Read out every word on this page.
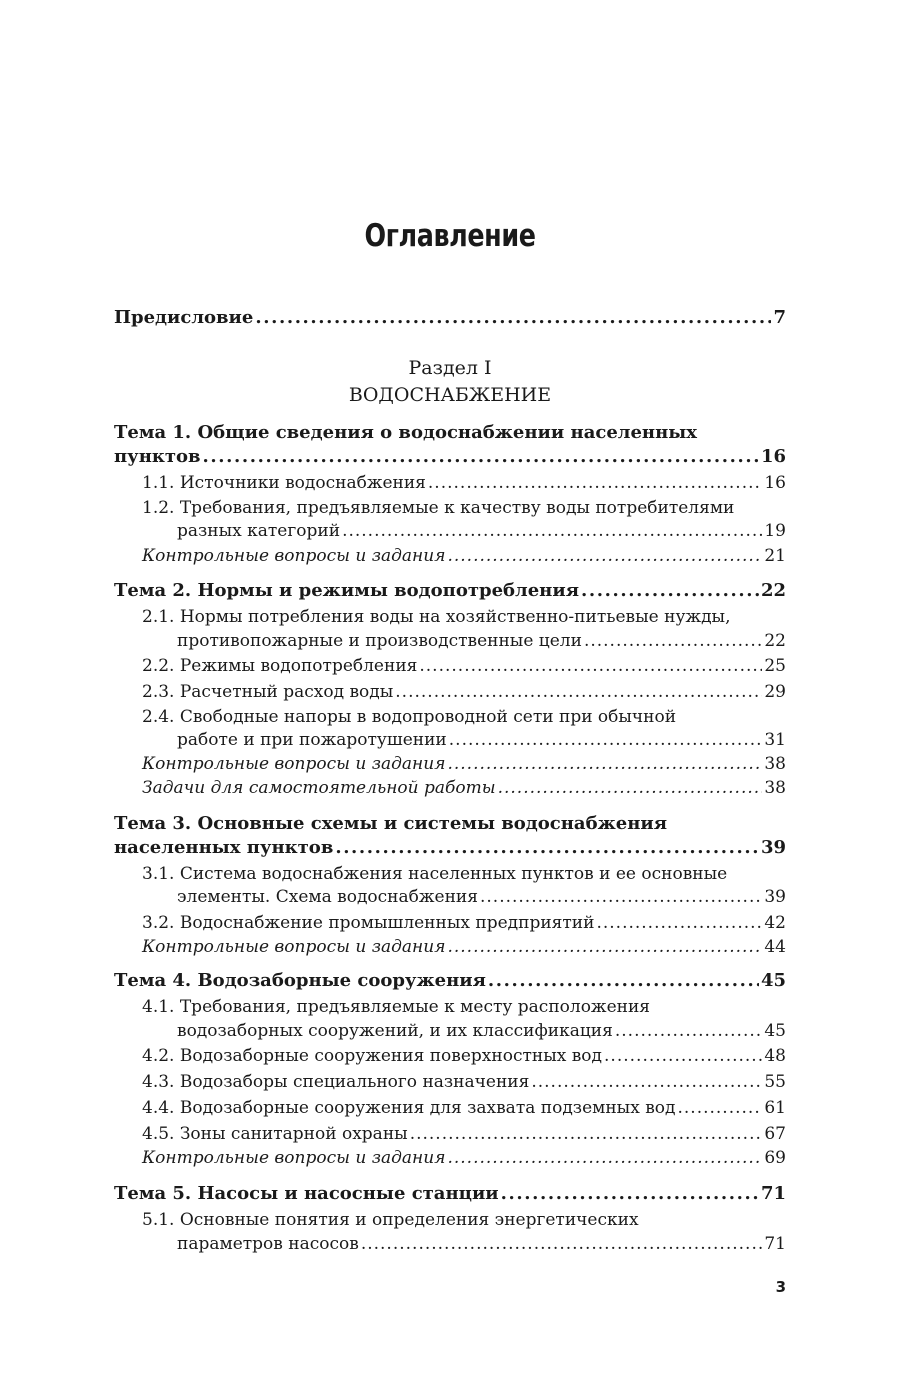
Оглавление
Предисловие .....	7
Раздел I
ВОДОСНАБЖЕНИЕ
Тема 1. Общие сведения о водоснабжении населенных
пунктов .....	16
1.1. Источники водоснабжения .....	16
1.2. Требования, предъявляемые к качеству воды потребителями
разных категорий .....	19
Контрольные вопросы и задания .....	21
Тема 2. Нормы и режимы водопотребления .....	22
2.1. Нормы потребления воды на хозяйственно-питьевые нужды,
противопожарные и производственные цели .....	22
2.2. Режимы водопотребления .....	25
2.3. Расчетный расход воды .....	29
2.4. Свободные напоры в водопроводной сети при обычной
работе и при пожаротушении .....	31
Контрольные вопросы и задания .....	38
Задачи для самостоятельной работы .....	38
Тема 3. Основные схемы и системы водоснабжения
населенных пунктов .....	39
3.1. Система водоснабжения населенных пунктов и ее основные
элементы. Схема водоснабжения .....	39
3.2. Водоснабжение промышленных предприятий .....	42
Контрольные вопросы и задания .....	44
Тема 4. Водозаборные сооружения .....	45
4.1. Требования, предъявляемые к месту расположения
водозаборных сооружений, и их классификация .....	45
4.2. Водозаборные сооружения поверхностных вод .....	48
4.3. Водозаборы специального назначения .....	55
4.4. Водозаборные сооружения для захвата подземных вод .....	61
4.5. Зоны санитарной охраны .....	67
Контрольные вопросы и задания .....	69
Тема 5. Насосы и насосные станции .....	71
5.1. Основные понятия и определения энергетических
параметров насосов .....	71
3
